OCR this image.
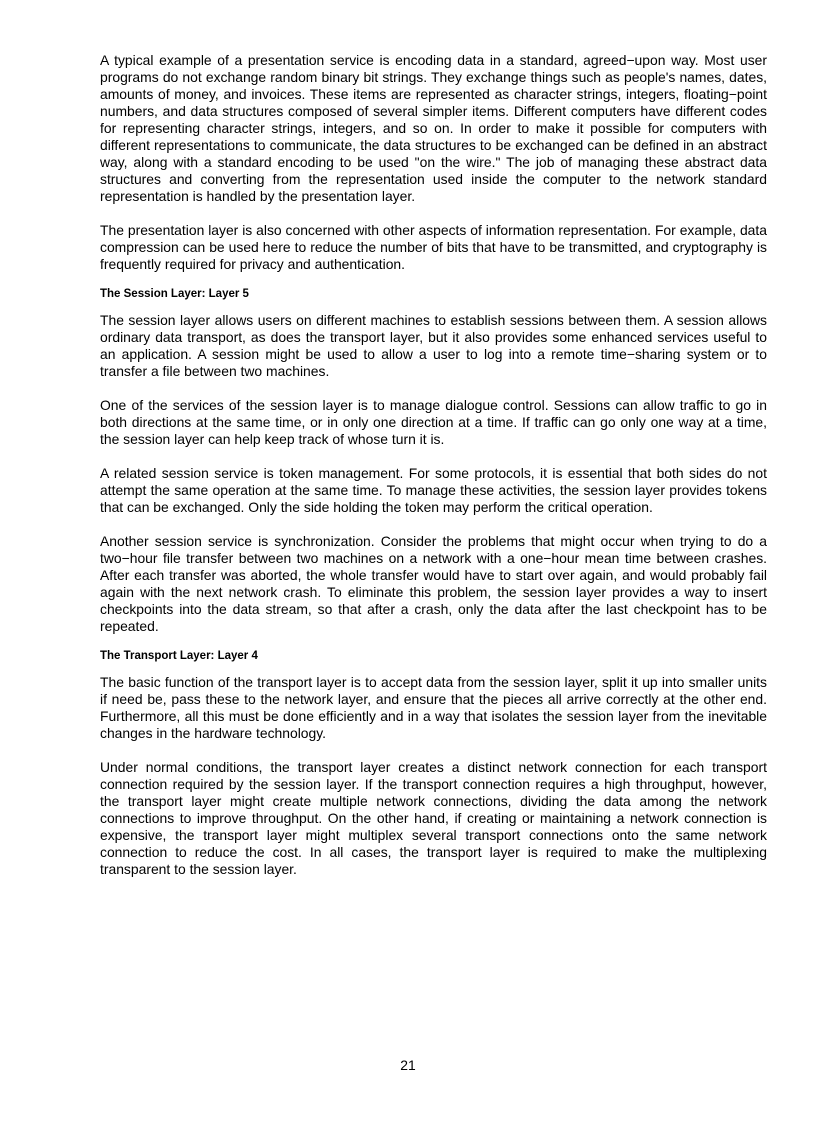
A typical example of a presentation service is encoding data in a standard, agreed−upon way. Most user programs do not exchange random binary bit strings. They exchange things such as people's names, dates, amounts of money, and invoices. These items are represented as character strings, integers, floating−point numbers, and data structures composed of several simpler items. Different computers have different codes for representing character strings, integers, and so on. In order to make it possible for computers with different representations to communicate, the data structures to be exchanged can be defined in an abstract way, along with a standard encoding to be used "on the wire." The job of managing these abstract data structures and converting from the representation used inside the computer to the network standard representation is handled by the presentation layer.

The presentation layer is also concerned with other aspects of information representation. For example, data compression can be used here to reduce the number of bits that have to be transmitted, and cryptography is frequently required for privacy and authentication.

The Session Layer: Layer 5

The session layer allows users on different machines to establish sessions between them. A session allows ordinary data transport, as does the transport layer, but it also provides some enhanced services useful to an application. A session might be used to allow a user to log into a remote time−sharing system or to transfer a file between two machines.

One of the services of the session layer is to manage dialogue control. Sessions can allow traffic to go in both directions at the same time, or in only one direction at a time. If traffic can go only one way at a time, the session layer can help keep track of whose turn it is.

A related session service is token management. For some protocols, it is essential that both sides do not attempt the same operation at the same time. To manage these activities, the session layer provides tokens that can be exchanged. Only the side holding the token may perform the critical operation.

Another session service is synchronization. Consider the problems that might occur when trying to do a two−hour file transfer between two machines on a network with a one−hour mean time between crashes. After each transfer was aborted, the whole transfer would have to start over again, and would probably fail again with the next network crash. To eliminate this problem, the session layer provides a way to insert checkpoints into the data stream, so that after a crash, only the data after the last checkpoint has to be repeated.

The Transport Layer: Layer 4

The basic function of the transport layer is to accept data from the session layer, split it up into smaller units if need be, pass these to the network layer, and ensure that the pieces all arrive correctly at the other end. Furthermore, all this must be done efficiently and in a way that isolates the session layer from the inevitable changes in the hardware technology.

Under normal conditions, the transport layer creates a distinct network connection for each transport connection required by the session layer. If the transport connection requires a high throughput, however, the transport layer might create multiple network connections, dividing the data among the network connections to improve throughput. On the other hand, if creating or maintaining a network connection is expensive, the transport layer might multiplex several transport connections onto the same network connection to reduce the cost. In all cases, the transport layer is required to make the multiplexing transparent to the session layer.

21
